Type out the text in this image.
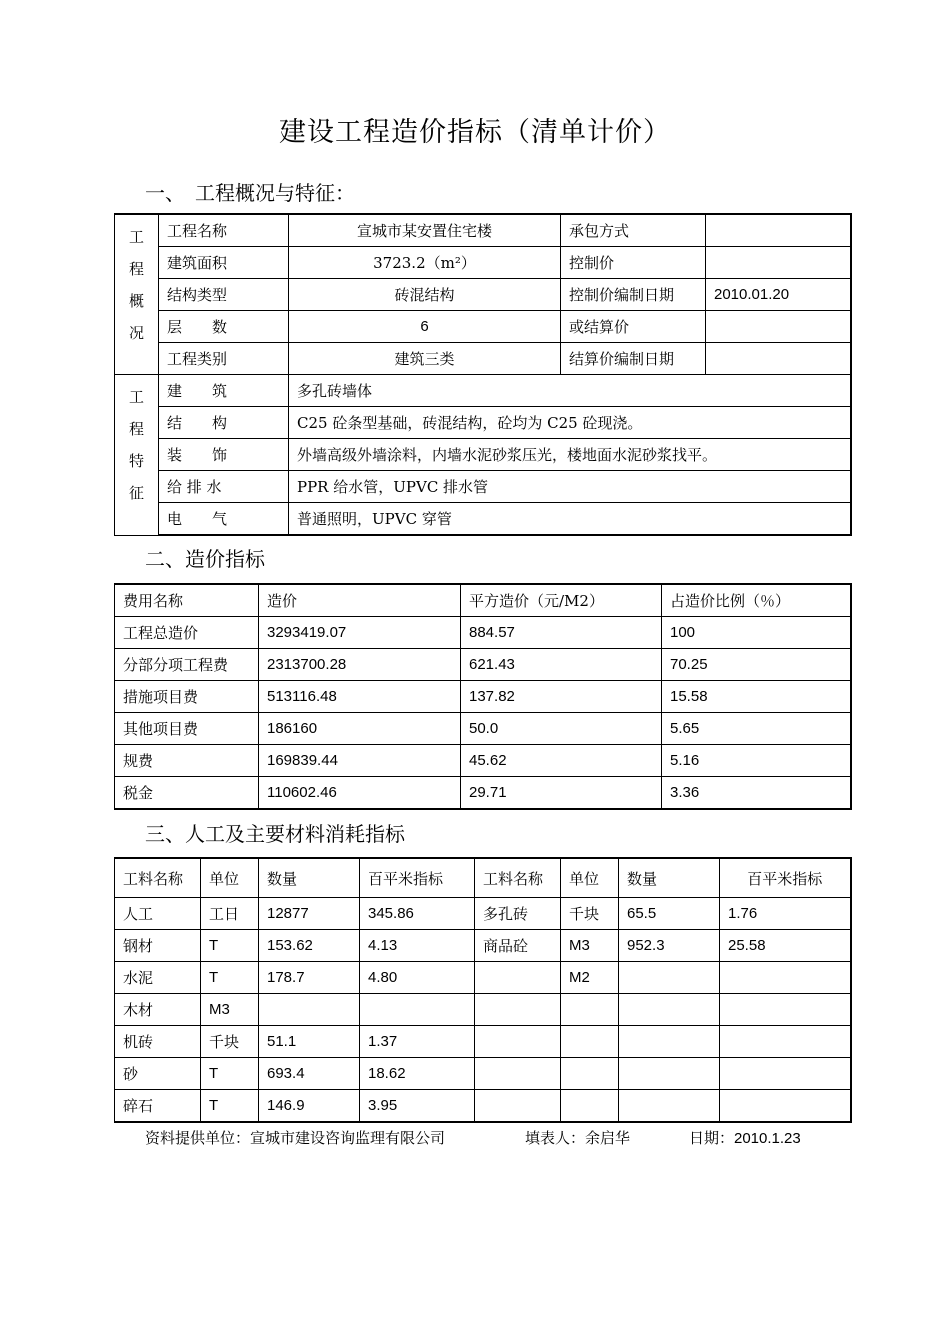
建设工程造价指标（清单计价）
一、　工程概况与特征：
工
程
概
况	工程名称	宣城市某安置住宅楼	承包方式	
	建筑面积	3723.2（m²）	控制价	
	结构类型	砖混结构	控制价编制日期	2010.01.20
	层　　数	6	或结算价	
	工程类别	建筑三类	结算价编制日期	

工
程
特
征	建　　筑	多孔砖墙体		
	结　　构	C25 砼条型基础，砖混结构，砼均为 C25 砼现浇。		
	装　　饰	外墙高级外墙涂料，内墙水泥砂浆压光，楼地面水泥砂浆找平。		
	给 排 水	PPR 给水管，UPVC 排水管		
	电　　气	普通照明，UPVC 穿管		
二、造价指标
费用名称	造价	平方造价（元/M2）	占造价比例（％）
工程总造价	3293419.07	884.57	100
分部分项工程费	2313700.28	621.43	70.25
措施项目费	513116.48	137.82	15.58
其他项目费	186160	50.0	5.65
规费	169839.44	45.62	5.16
税金	110602.46	29.71	3.36
三、人工及主要材料消耗指标
工料名称	单位	数量	百平米指标	工料名称	单位	数量	百平米指标
人工	工日	12877	345.86	多孔砖	千块	65.5	1.76
钢材	T	153.62	4.13	商品砼	M3	952.3	25.58
水泥	T	178.7	4.80		M2		
木材	M3						
机砖	千块	51.1	1.37				
砂	T	693.4	18.62				
碎石	T	146.9	3.95				
资料提供单位：宣城市建设咨询监理有限公司	填表人：余启华	日期：2010.1.23
